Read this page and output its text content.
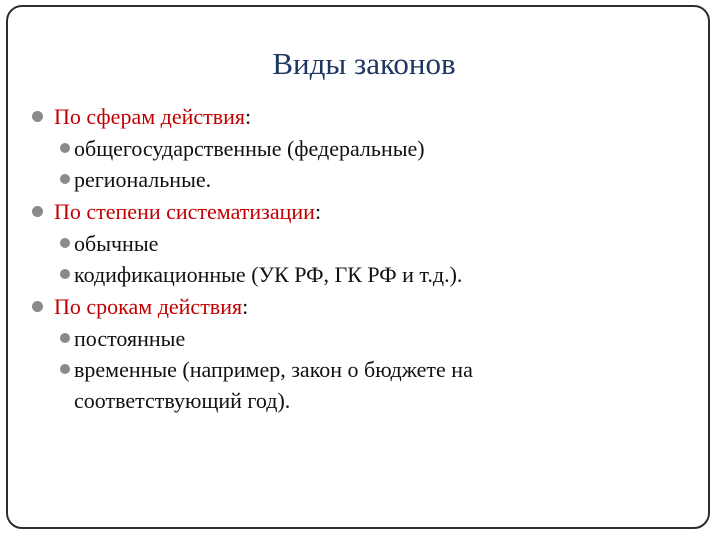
Виды законов
По сферам действия:
общегосударственные (федеральные)
региональные.
По степени систематизации:
обычные
кодификационные (УК РФ, ГК РФ и т.д.).
По срокам действия:
постоянные
временные (например, закон о бюджете на соответствующий год).
